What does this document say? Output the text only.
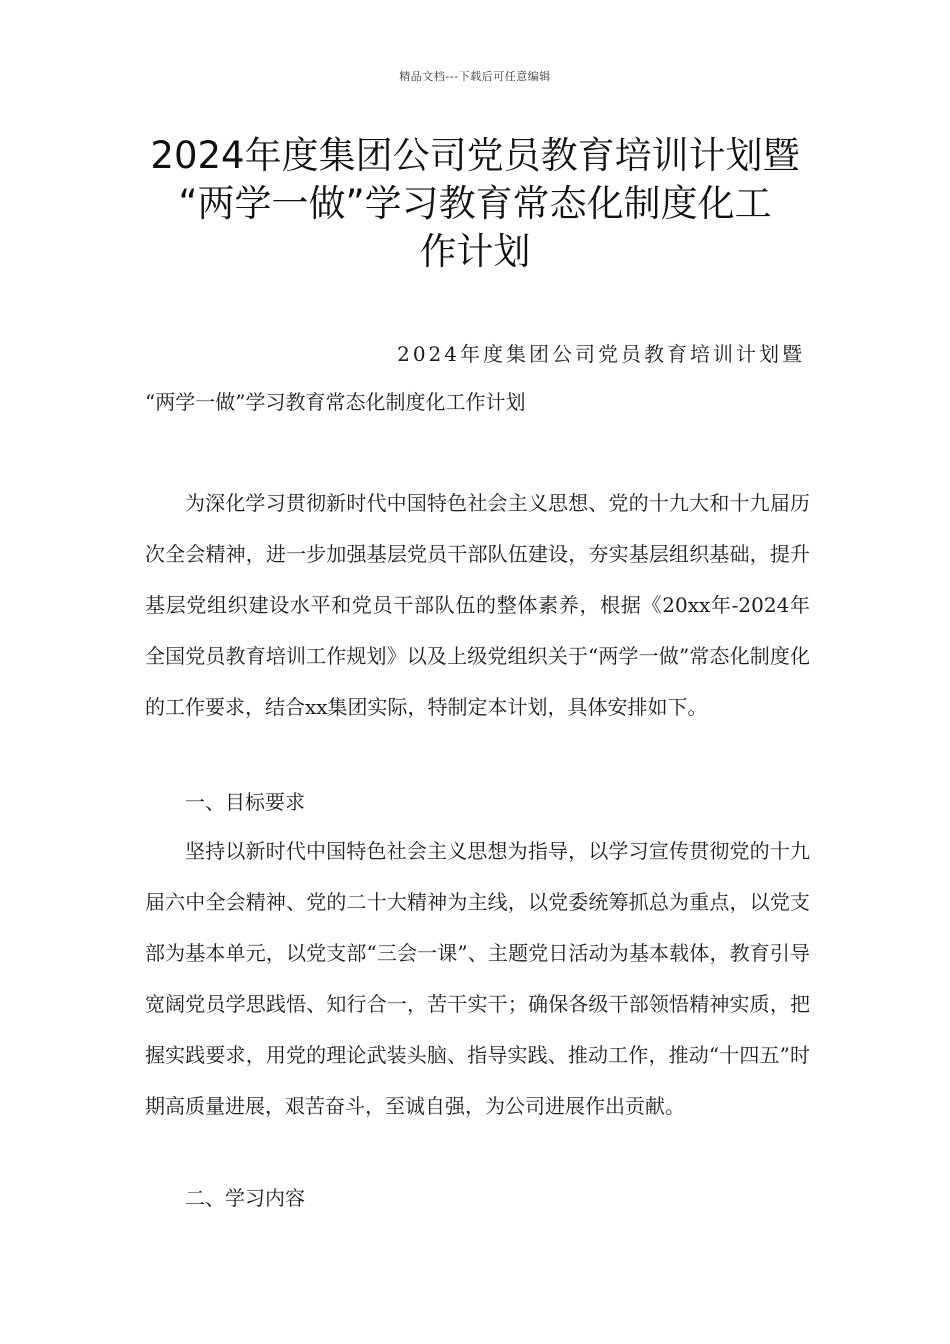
精品文档---下载后可任意编辑
2024年度集团公司党员教育培训计划暨
“两学一做”学习教育常态化制度化工
作计划
2024年度集团公司党员教育培训计划暨
“两学一做”学习教育常态化制度化工作计划

为深化学习贯彻新时代中国特色社会主义思想、党的十九大和十九届历次全会精神，进一步加强基层党员干部队伍建设，夯实基层组织基础，提升基层党组织建设水平和党员干部队伍的整体素养，根据《20xx年-2024年全国党员教育培训工作规划》以及上级党组织关于“两学一做”常态化制度化的工作要求，结合xx集团实际，特制定本计划，具体安排如下。

一、目标要求

坚持以新时代中国特色社会主义思想为指导，以学习宣传贯彻党的十九届六中全会精神、党的二十大精神为主线，以党委统筹抓总为重点，以党支部为基本单元，以党支部“三会一课”、主题党日活动为基本载体，教育引导宽阔党员学思践悟、知行合一，苦干实干；确保各级干部领悟精神实质，把握实践要求，用党的理论武装头脑、指导实践、推动工作，推动“十四五”时期高质量进展，艰苦奋斗，至诚自强，为公司进展作出贡献。

二、学习内容
